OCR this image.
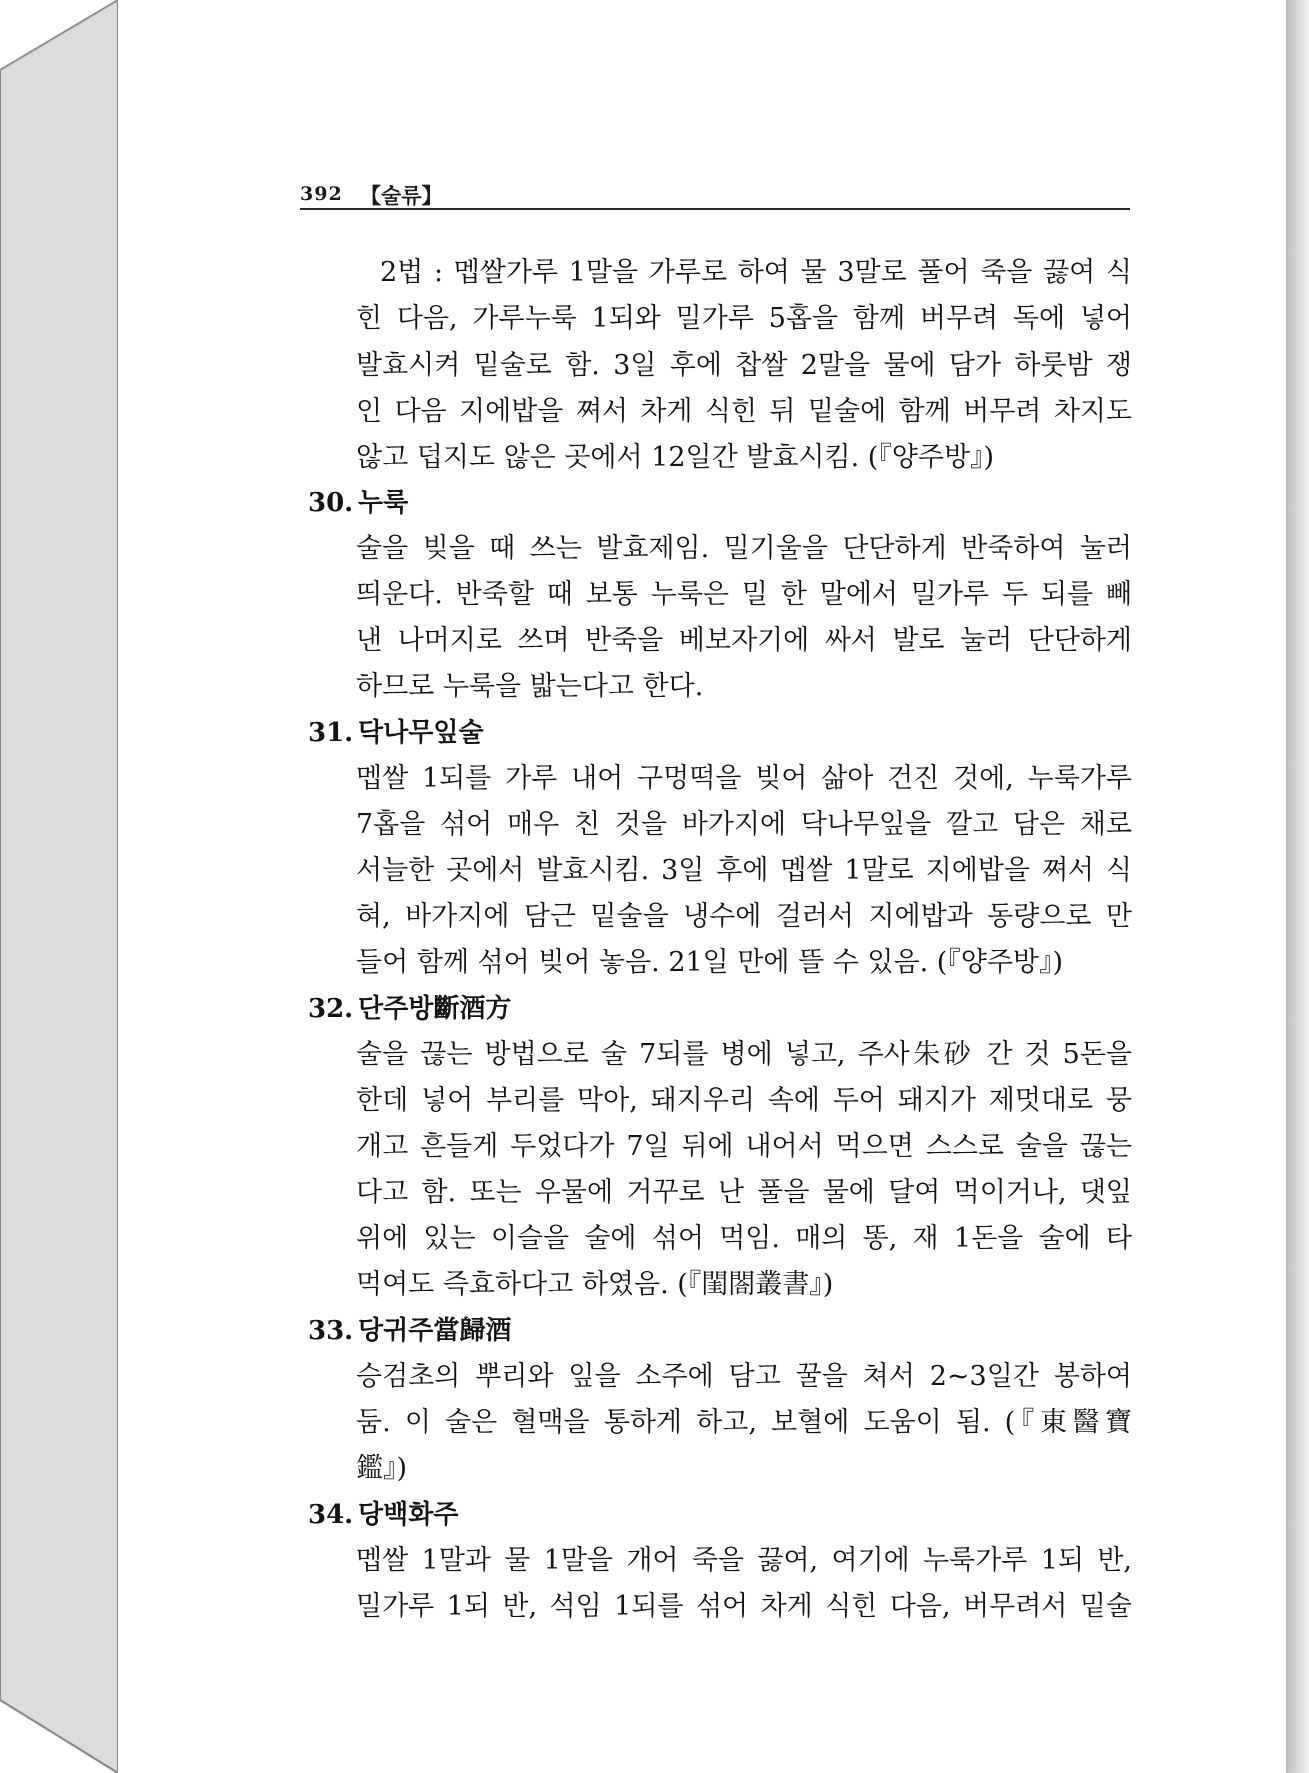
392 【술류】
2법 : 멥쌀가루 1말을 가루로 하여 물 3말로 풀어 죽을 끓여 식
힌 다음, 가루누룩 1되와 밀가루 5홉을 함께 버무려 독에 넣어
발효시켜 밑술로 함. 3일 후에 찹쌀 2말을 물에 담가 하룻밤 쟁
인 다음 지에밥을 쪄서 차게 식힌 뒤 밑술에 함께 버무려 차지도
않고 덥지도 않은 곳에서 12일간 발효시킴. (『양주방』)
30. 누룩
술을 빚을 때 쓰는 발효제임. 밀기울을 단단하게 반죽하여 눌러
띄운다. 반죽할 때 보통 누룩은 밀 한 말에서 밀가루 두 되를 빼
낸 나머지로 쓰며 반죽을 베보자기에 싸서 발로 눌러 단단하게
하므로 누룩을 밟는다고 한다.
31. 닥나무잎술
멥쌀 1되를 가루 내어 구멍떡을 빚어 삶아 건진 것에, 누룩가루
7홉을 섞어 매우 친 것을 바가지에 닥나무잎을 깔고 담은 채로
서늘한 곳에서 발효시킴. 3일 후에 멥쌀 1말로 지에밥을 쪄서 식
혀, 바가지에 담근 밑술을 냉수에 걸러서 지에밥과 동량으로 만
들어 함께 섞어 빚어 놓음. 21일 만에 뜰 수 있음. (『양주방』)
32. 단주방斷酒方
술을 끊는 방법으로 술 7되를 병에 넣고, 주사朱砂 간 것 5돈을
한데 넣어 부리를 막아, 돼지우리 속에 두어 돼지가 제멋대로 뭉
개고 흔들게 두었다가 7일 뒤에 내어서 먹으면 스스로 술을 끊는
다고 함. 또는 우물에 거꾸로 난 풀을 물에 달여 먹이거나, 댓잎
위에 있는 이슬을 술에 섞어 먹임. 매의 똥, 재 1돈을 술에 타
먹여도 즉효하다고 하였음. (『閨閤叢書』)
33. 당귀주當歸酒
승검초의 뿌리와 잎을 소주에 담고 꿀을 쳐서 2~3일간 봉하여
둠. 이 술은 혈맥을 통하게 하고, 보혈에 도움이 됨. (『東醫寶
鑑』)
34. 당백화주
멥쌀 1말과 물 1말을 개어 죽을 끓여, 여기에 누룩가루 1되 반,
밀가루 1되 반, 석임 1되를 섞어 차게 식힌 다음, 버무려서 밑술
